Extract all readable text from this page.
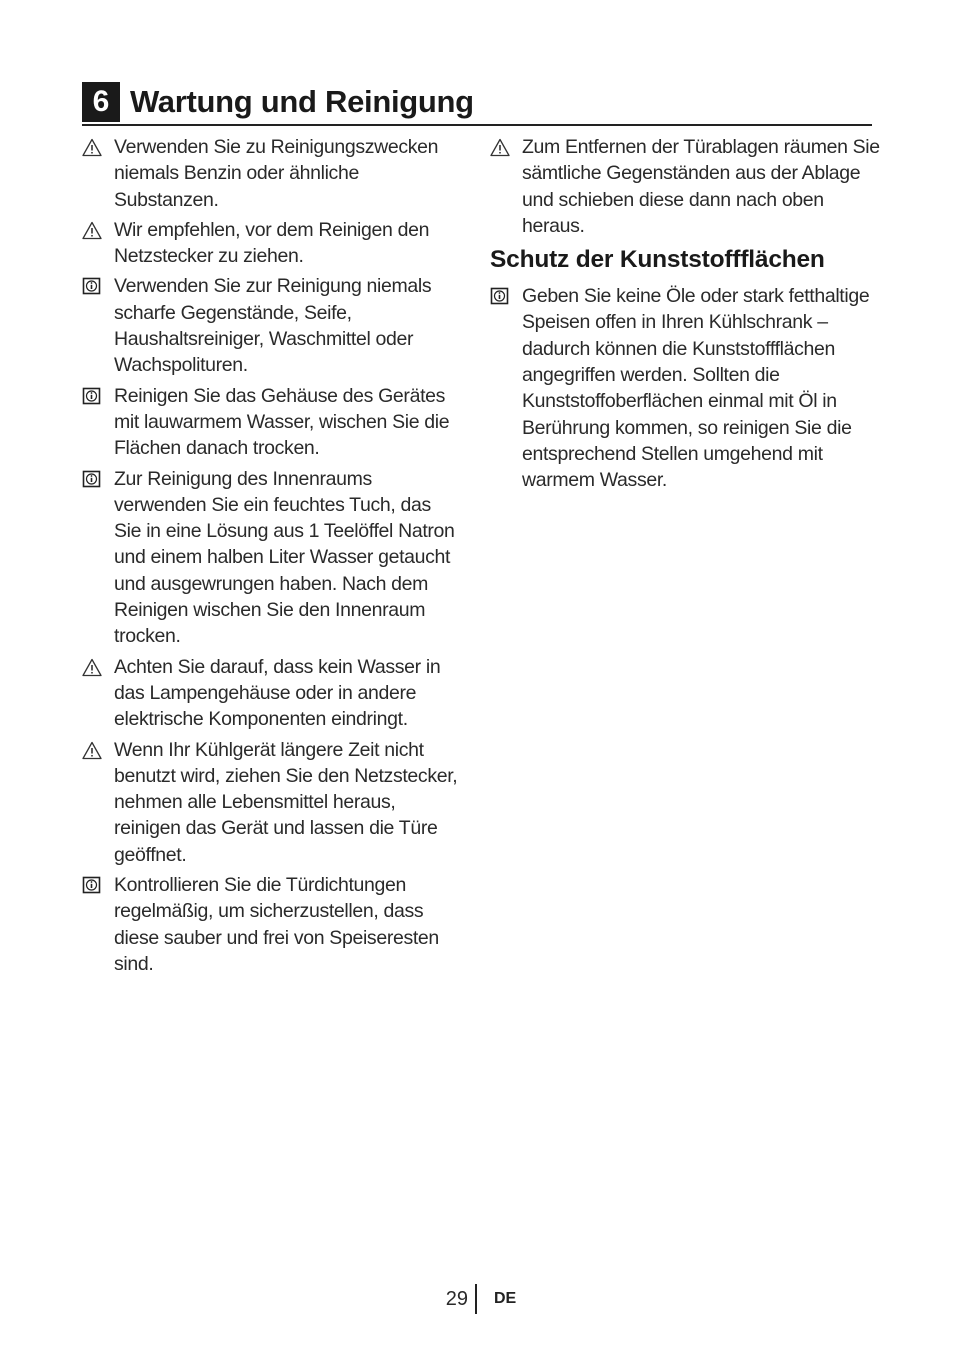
6 Wartung und Reinigung
Verwenden Sie zu Reinigungszwecken niemals Benzin oder ähnliche Substanzen.
Wir empfehlen, vor dem Reinigen den Netzstecker zu ziehen.
Verwenden Sie zur Reinigung niemals scharfe Gegenstände, Seife, Haushaltsreiniger, Waschmittel oder Wachspolituren.
Reinigen Sie das Gehäuse des Gerätes mit lauwarmem Wasser, wischen Sie die Flächen danach trocken.
Zur Reinigung des Innenraums verwenden Sie ein feuchtes Tuch, das Sie in eine Lösung aus 1 Teelöffel Natron und einem halben Liter Wasser getaucht und ausgewrungen haben. Nach dem Reinigen wischen Sie den Innenraum trocken.
Achten Sie darauf, dass kein Wasser in das Lampengehäuse oder in andere elektrische Komponenten eindringt.
Wenn Ihr Kühlgerät längere Zeit nicht benutzt wird, ziehen Sie den Netzstecker, nehmen alle Lebensmittel heraus, reinigen das Gerät und lassen die Türe geöffnet.
Kontrollieren Sie die Türdichtungen regelmäßig, um sicherzustellen, dass diese sauber und frei von Speiseresten sind.
Zum Entfernen der Türablagen räumen Sie sämtliche Gegenständen aus der Ablage und schieben diese dann nach oben heraus.
Schutz der Kunststoffflächen
Geben Sie keine Öle oder stark fetthaltige Speisen offen in Ihren Kühlschrank – dadurch können die Kunststoffflächen angegriffen werden. Sollten die Kunststoffoberflächen einmal mit Öl in Berührung kommen, so reinigen Sie die entsprechend Stellen umgehend mit warmem Wasser.
29 DE
